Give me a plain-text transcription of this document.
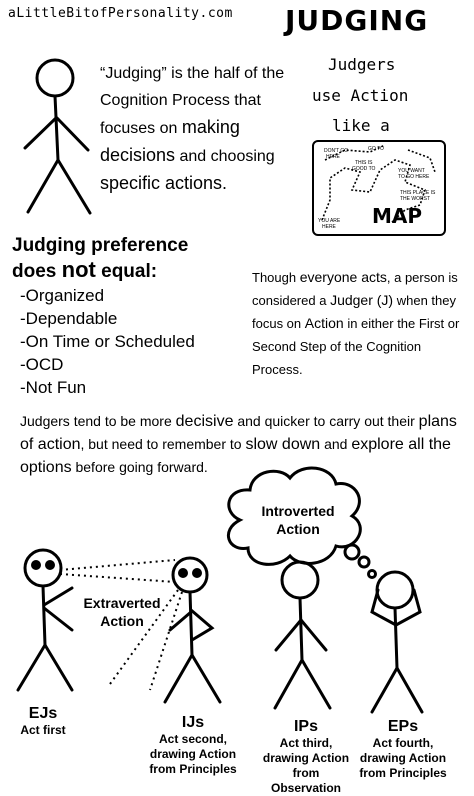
DON'T GO
HERE
GO TO
THIS IS
GOOD TO	YOU WANT
TO GO HERE
THIS PLACE IS
THE WORST
YOU ARE
HERE
aLittleBitofPersonality.com JUDGING
“Judging” is the half of the Cognition Process that focuses on making decisions and choosing specific actions.
Judgers
use Action
like a
MAP
Judging preference
does not equal:
-Organized
-Dependable
-On Time or Scheduled
-OCD
-Not Fun
Though everyone acts, a person is considered a Judger (J) when they focus on Action in either the First or Second Step of the Cognition Process.
Judgers tend to be more decisive and quicker to carry out their plans of action, but need to remember to slow down and explore all the options before going forward.
Introverted Action
Extraverted Action
EJs
Act first	IJs
Act second, drawing Action from Principles
IPs
Act third, drawing Action from Observation
EPs
Act fourth, drawing Action from Principles
